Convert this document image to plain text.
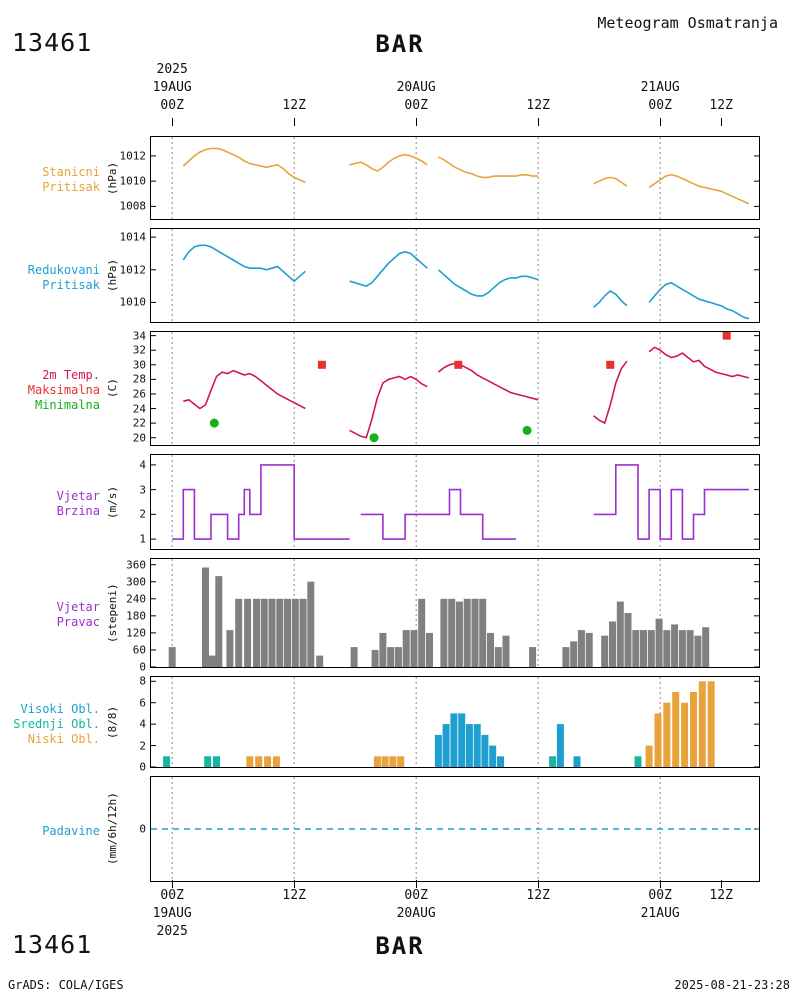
13461	BAR
Meteogram Osmatranja
00Z	12Z	00Z	12Z	00Z	12Z
19AUG	20AUG	21AUG
2025
1012
1010
1008
Stanicni
Pritisak (hPa)
1014
1012
1010
Redukovani
Pritisak (hPa)
34
32
30
28
26
24
22
20
2m Temp.
Maksimalna
Minimalna
(C)
4
3
2
1
Vjetar
Brzina (m/s)
360
300
240
180
120
60
0
Vjetar
Pravac (stepeni)
8
6
4
2
0
Visoki Obl.
Srednji Obl.
Niski Obl. (8/8)
0
Padavine (mm/6h/12h)
00Z	12Z	00Z	12Z	00Z	12Z
19AUG	20AUG	21AUG
2025
13461	BAR
GrADS: COLA/IGES	2025-08-21-23:28
